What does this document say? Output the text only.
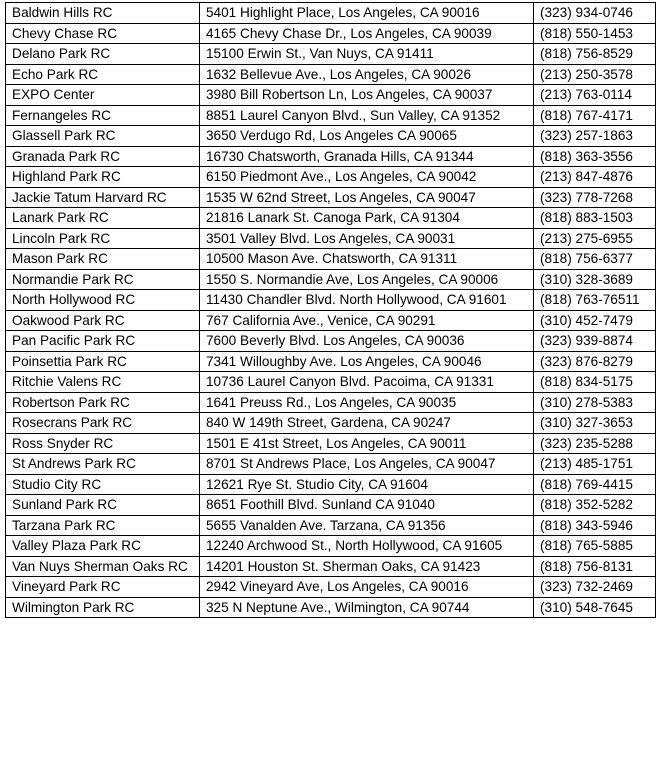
Baldwin Hills RC	5401 Highlight Place, Los Angeles, CA 90016	(323) 934-0746
Chevy Chase RC	4165 Chevy Chase Dr., Los Angeles, CA 90039	(818) 550-1453
Delano Park RC	15100 Erwin St., Van Nuys, CA 91411	(818) 756-8529
Echo Park RC	1632 Bellevue Ave., Los Angeles, CA 90026	(213) 250-3578
EXPO Center	3980 Bill Robertson Ln, Los Angeles, CA 90037	(213) 763-0114
Fernangeles RC	8851 Laurel Canyon Blvd., Sun Valley, CA 91352	(818) 767-4171
Glassell Park RC	3650 Verdugo Rd, Los Angeles CA 90065	(323) 257-1863
Granada Park RC	16730 Chatsworth, Granada Hills, CA 91344	(818) 363-3556
Highland Park RC	6150 Piedmont Ave., Los Angeles, CA 90042	(213) 847-4876
Jackie Tatum Harvard RC	1535 W 62nd Street, Los Angeles, CA 90047	(323) 778-7268
Lanark Park RC	21816 Lanark St. Canoga Park, CA 91304	(818) 883-1503
Lincoln Park RC	3501 Valley Blvd. Los Angeles, CA 90031	(213) 275-6955
Mason Park RC	10500 Mason Ave. Chatsworth, CA 91311	(818) 756-6377
Normandie Park RC	1550 S. Normandie Ave, Los Angeles, CA 90006	(310) 328-3689
North Hollywood RC	11430 Chandler Blvd. North Hollywood, CA 91601	(818) 763-76511
Oakwood Park RC	767 California Ave., Venice, CA 90291	(310) 452-7479
Pan Pacific Park RC	7600 Beverly Blvd. Los Angeles, CA 90036	(323) 939-8874
Poinsettia Park RC	7341 Willoughby Ave. Los Angeles, CA 90046	(323) 876-8279
Ritchie Valens RC	10736 Laurel Canyon Blvd. Pacoima, CA 91331	(818) 834-5175
Robertson Park RC	1641 Preuss Rd., Los Angeles, CA 90035	(310) 278-5383
Rosecrans Park RC	840 W 149th Street, Gardena, CA 90247	(310) 327-3653
Ross Snyder RC	1501 E 41st Street, Los Angeles, CA 90011	(323) 235-5288
St Andrews Park RC	8701 St Andrews Place, Los Angeles, CA 90047	(213) 485-1751
Studio City RC	12621 Rye St. Studio City, CA 91604	(818) 769-4415
Sunland Park RC	8651 Foothill Blvd. Sunland CA 91040	(818) 352-5282
Tarzana Park RC	5655 Vanalden Ave. Tarzana, CA 91356	(818) 343-5946
Valley Plaza Park RC	12240 Archwood St., North Hollywood, CA 91605	(818) 765-5885
Van Nuys Sherman Oaks RC	14201 Houston St. Sherman Oaks, CA 91423	(818) 756-8131
Vineyard Park RC	2942 Vineyard Ave, Los Angeles, CA 90016	(323) 732-2469
Wilmington Park RC	325 N Neptune Ave., Wilmington, CA 90744	(310) 548-7645
